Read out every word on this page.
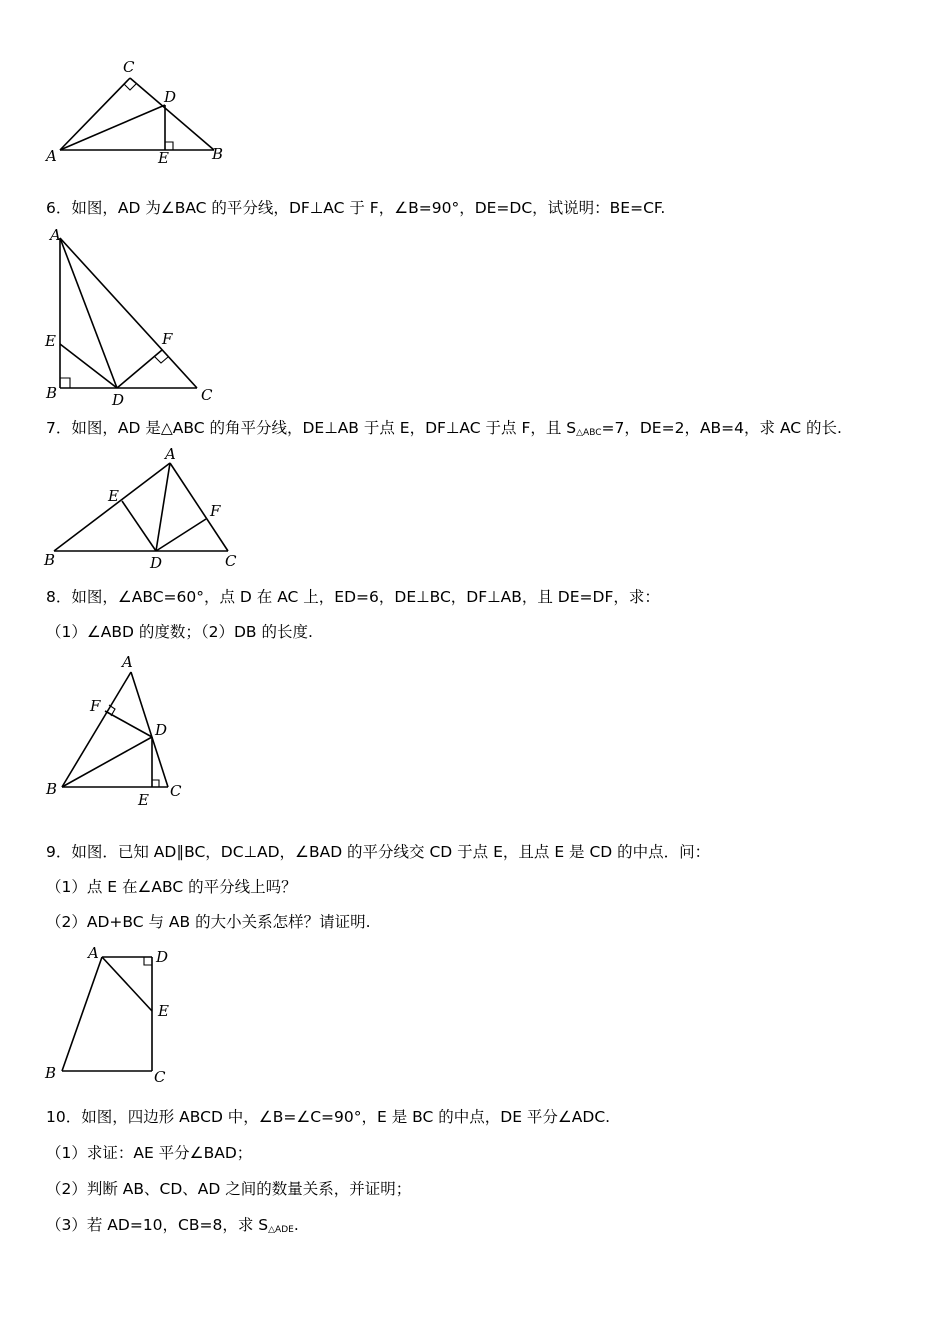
C
D
A	E	B
6．如图，AD 为∠BAC 的平分线，DF⊥AC 于 F，∠B=90°，DE=DC，试说明：BE=CF.
A
E	F
B	D	C
7．如图，AD 是△ABC 的角平分线，DE⊥AB 于点 E，DF⊥AC 于点 F，且 $S_{\triangle ABC}=7$，DE=2，AB=4，求 AC 的长.
A
E
F
B	D	C
8．如图，∠ABC=60°，点 D 在 AC 上，ED=6，DE⊥BC，DF⊥AB，且 DE=DF，求：
（1）∠ABD 的度数；（2）DB 的长度.
A
F
D
B
E C
9．如图．已知 AD∥BC，DC⊥AD，∠BAD 的平分线交 CD 于点 E，且点 E 是 CD 的中点．问：
（1）点 E 在∠ABC 的平分线上吗？
（2）AD+BC 与 AB 的大小关系怎样？请证明.
A	D
E
B	C
10．如图，四边形 ABCD 中，∠B=∠C=90°，E 是 BC 的中点，DE 平分∠ADC.
（1）求证：AE 平分∠BAD；
（2）判断 AB、CD、AD 之间的数量关系，并证明；
（3）若 AD=10，CB=8，求 $S_{\triangle ADE}$.
